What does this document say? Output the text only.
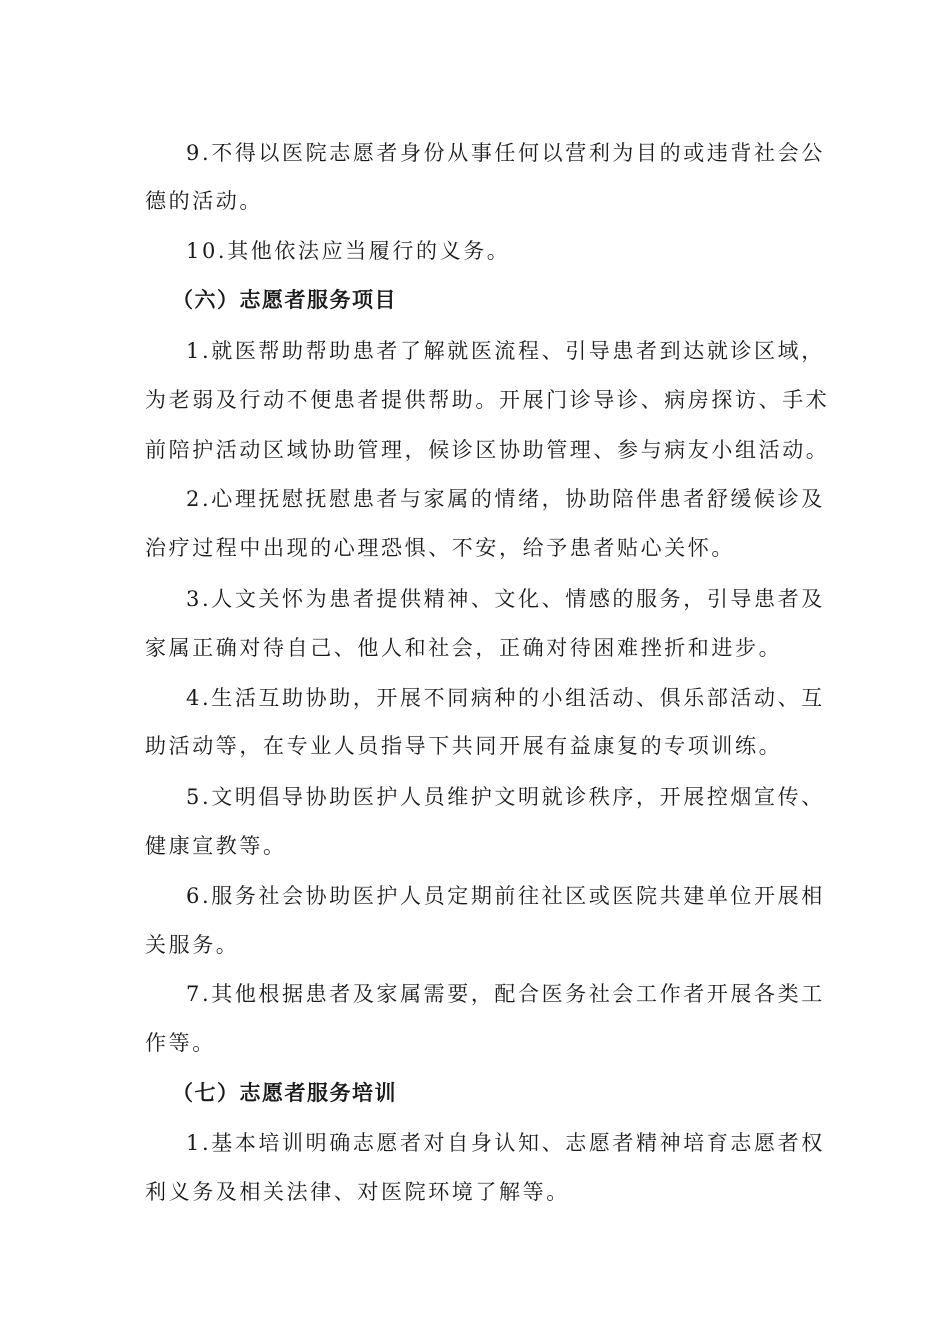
9.不得以医院志愿者身份从事任何以营利为目的或违背社会公
德的活动。
10.其他依法应当履行的义务。
（六）志愿者服务项目
1.就医帮助帮助患者了解就医流程、引导患者到达就诊区域，
为老弱及行动不便患者提供帮助。开展门诊导诊、病房探访、手术
前陪护活动区域协助管理，候诊区协助管理、参与病友小组活动。
2.心理抚慰抚慰患者与家属的情绪，协助陪伴患者舒缓候诊及
治疗过程中出现的心理恐惧、不安，给予患者贴心关怀。
3.人文关怀为患者提供精神、文化、情感的服务，引导患者及
家属正确对待自己、他人和社会，正确对待困难挫折和进步。
4.生活互助协助，开展不同病种的小组活动、俱乐部活动、互
助活动等，在专业人员指导下共同开展有益康复的专项训练。
5.文明倡导协助医护人员维护文明就诊秩序，开展控烟宣传、
健康宣教等。
6.服务社会协助医护人员定期前往社区或医院共建单位开展相
关服务。
7.其他根据患者及家属需要，配合医务社会工作者开展各类工
作等。
（七）志愿者服务培训
1.基本培训明确志愿者对自身认知、志愿者精神培育志愿者权
利义务及相关法律、对医院环境了解等。
